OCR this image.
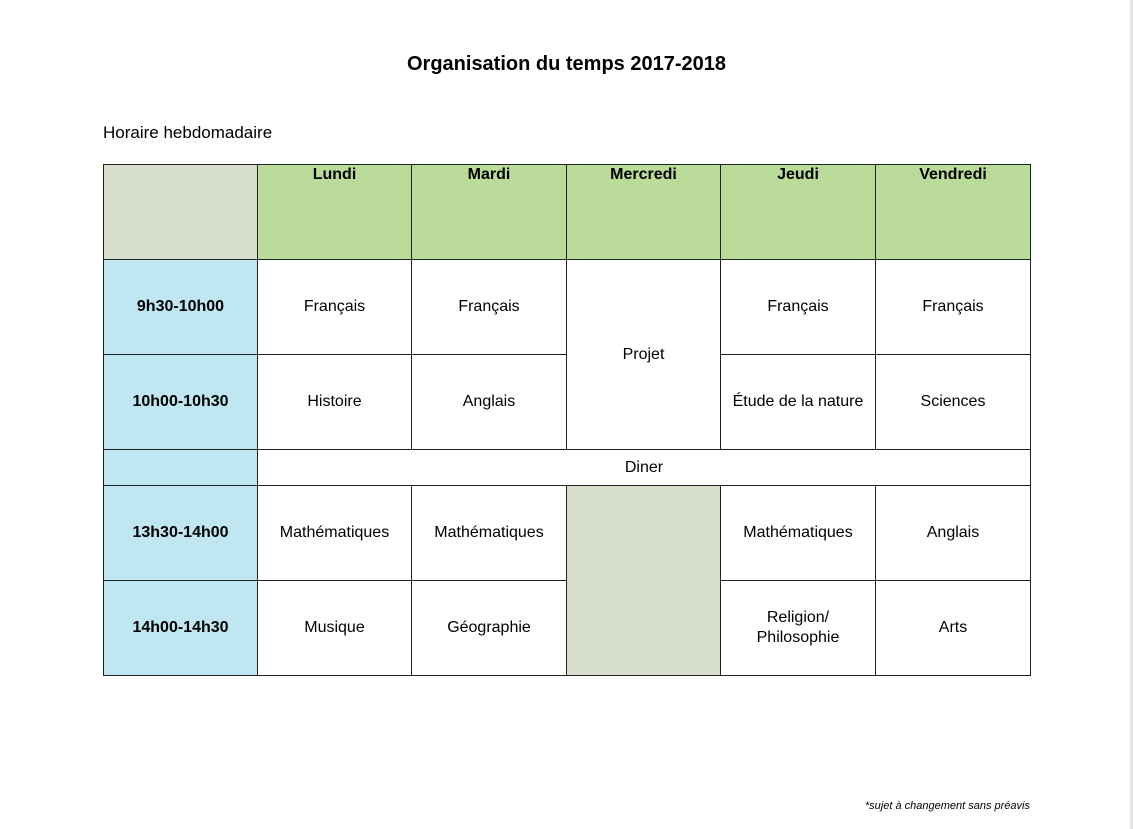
Organisation du temps 2017-2018
Horaire hebdomadaire
	Lundi	Mardi	Mercredi	Jeudi	Vendredi
9h30-10h00	Français	Français	Projet	Français	Français
10h00-10h30	Histoire	Anglais		Étude de la nature	Sciences
	Diner				
13h30-14h00	Mathématiques	Mathématiques		Mathématiques	Anglais
14h00-14h30	Musique	Géographie		Religion/ Philosophie	Arts
*sujet à changement sans préavis
